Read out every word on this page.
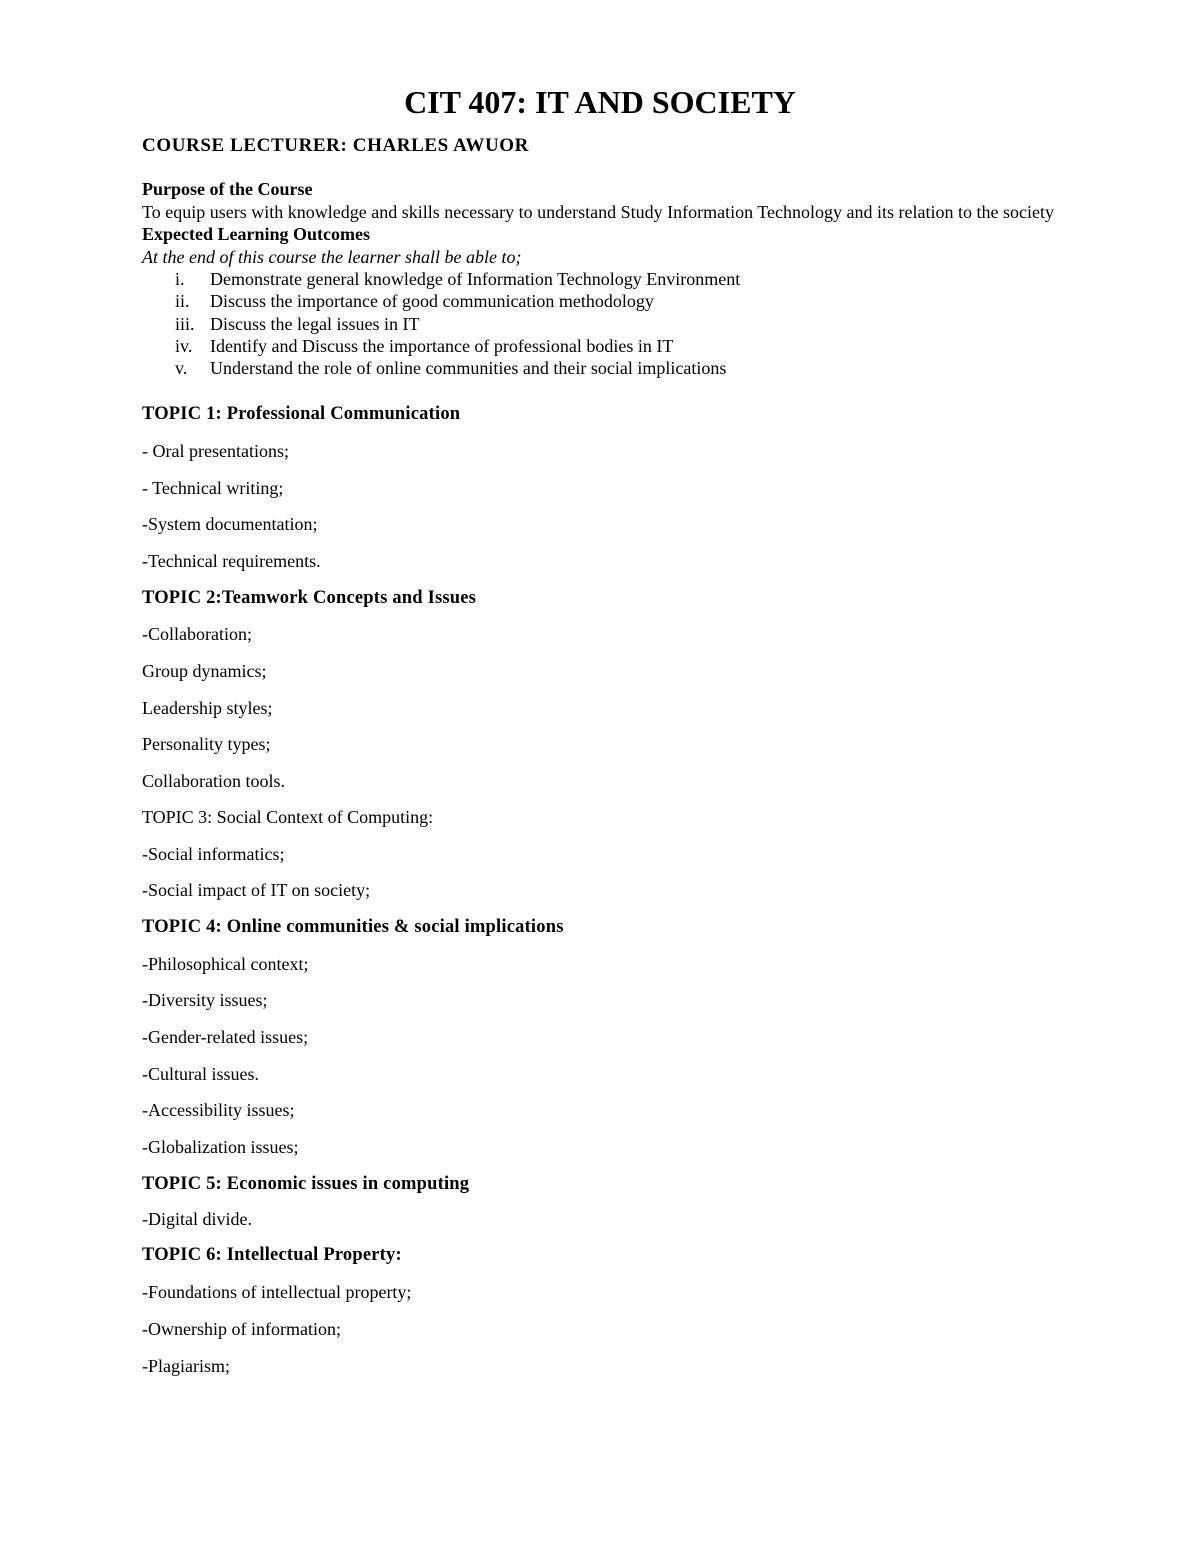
CIT 407: IT AND SOCIETY
COURSE LECTURER: CHARLES AWUOR
Purpose of the Course
To equip users with knowledge and skills necessary to understand Study Information Technology and its relation to the society
Expected Learning Outcomes
At the end of this course the learner shall be able to;
i. Demonstrate general knowledge of Information Technology Environment
ii. Discuss the importance of good communication methodology
iii. Discuss the legal issues in IT
iv. Identify and Discuss the importance of professional bodies in IT
v. Understand the role of online communities and their social implications
TOPIC 1: Professional Communication
- Oral presentations;
- Technical writing;
-System documentation;
-Technical requirements.
TOPIC 2:Teamwork Concepts and Issues
-Collaboration;
Group dynamics;
Leadership styles;
Personality types;
Collaboration tools.
TOPIC 3: Social Context of Computing:
-Social informatics;
-Social impact of IT on society;
TOPIC 4: Online communities & social implications
-Philosophical context;
-Diversity issues;
-Gender-related issues;
-Cultural issues.
-Accessibility issues;
-Globalization issues;
TOPIC 5: Economic issues in computing
-Digital divide.
TOPIC 6: Intellectual Property:
-Foundations of intellectual property;
-Ownership of information;
-Plagiarism;
